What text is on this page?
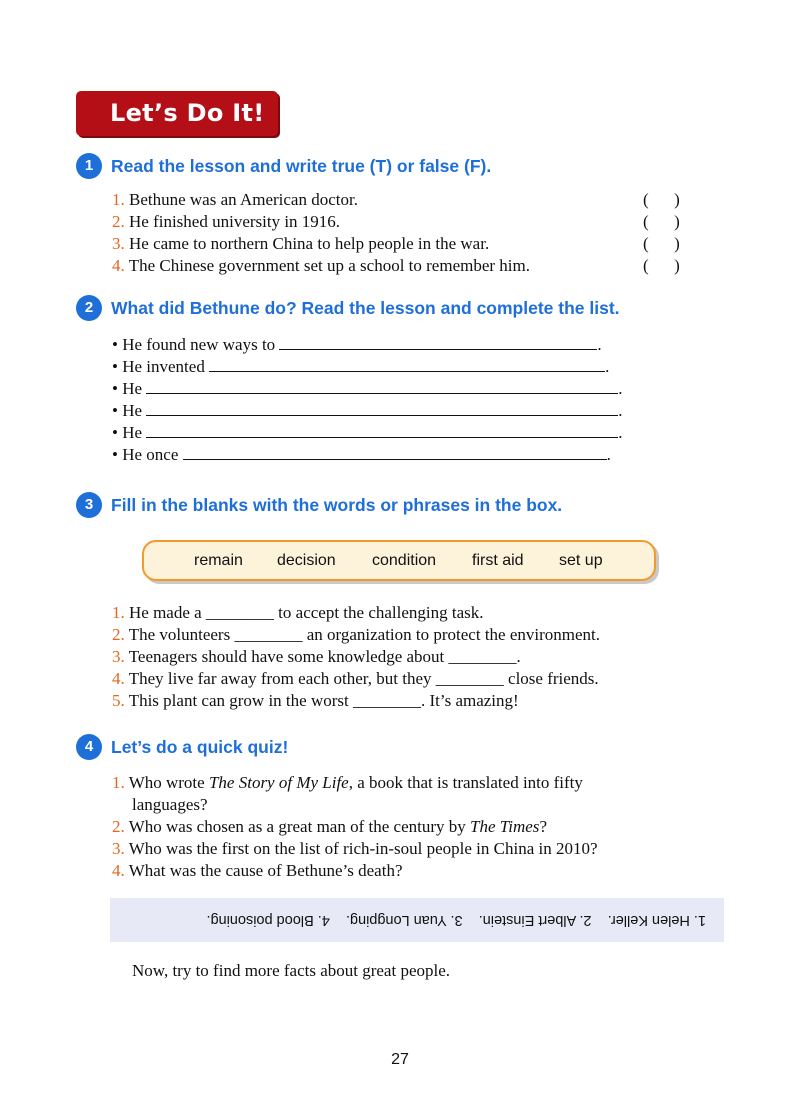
Let’s Do It!
1 Read the lesson and write true (T) or false (F).
1. Bethune was an American doctor.	(      )
2. He finished university in 1916.	(      )
3. He came to northern China to help people in the war.	(      )
4. The Chinese government set up a school to remember him.	(      )
2 What did Bethune do? Read the lesson and complete the list.
• He found new ways to	.
• He invented	.
• He	.
• He	.
• He	.
• He once	.
3 Fill in the blanks with the words or phrases in the box.
remain decision condition first aid set up
1. He made a ________ to accept the challenging task.
2. The volunteers ________ an organization to protect the environment.
3. Teenagers should have some knowledge about ________.
4. They live far away from each other, but they ________ close friends.
5. This plant can grow in the worst ________. It’s amazing!
4 Let’s do a quick quiz!
1. Who wrote The Story of My Life, a book that is translated into fifty
languages?
2. Who was chosen as a great man of the century by The Times?
3. Who was the first on the list of rich-in-soul people in China in 2010?
4. What was the cause of Bethune’s death?
1. Helen Keller.    2. Albert Einstein.    3. Yuan Longping.    4. Blood poisoning.
Now, try to find more facts about great people.
27
